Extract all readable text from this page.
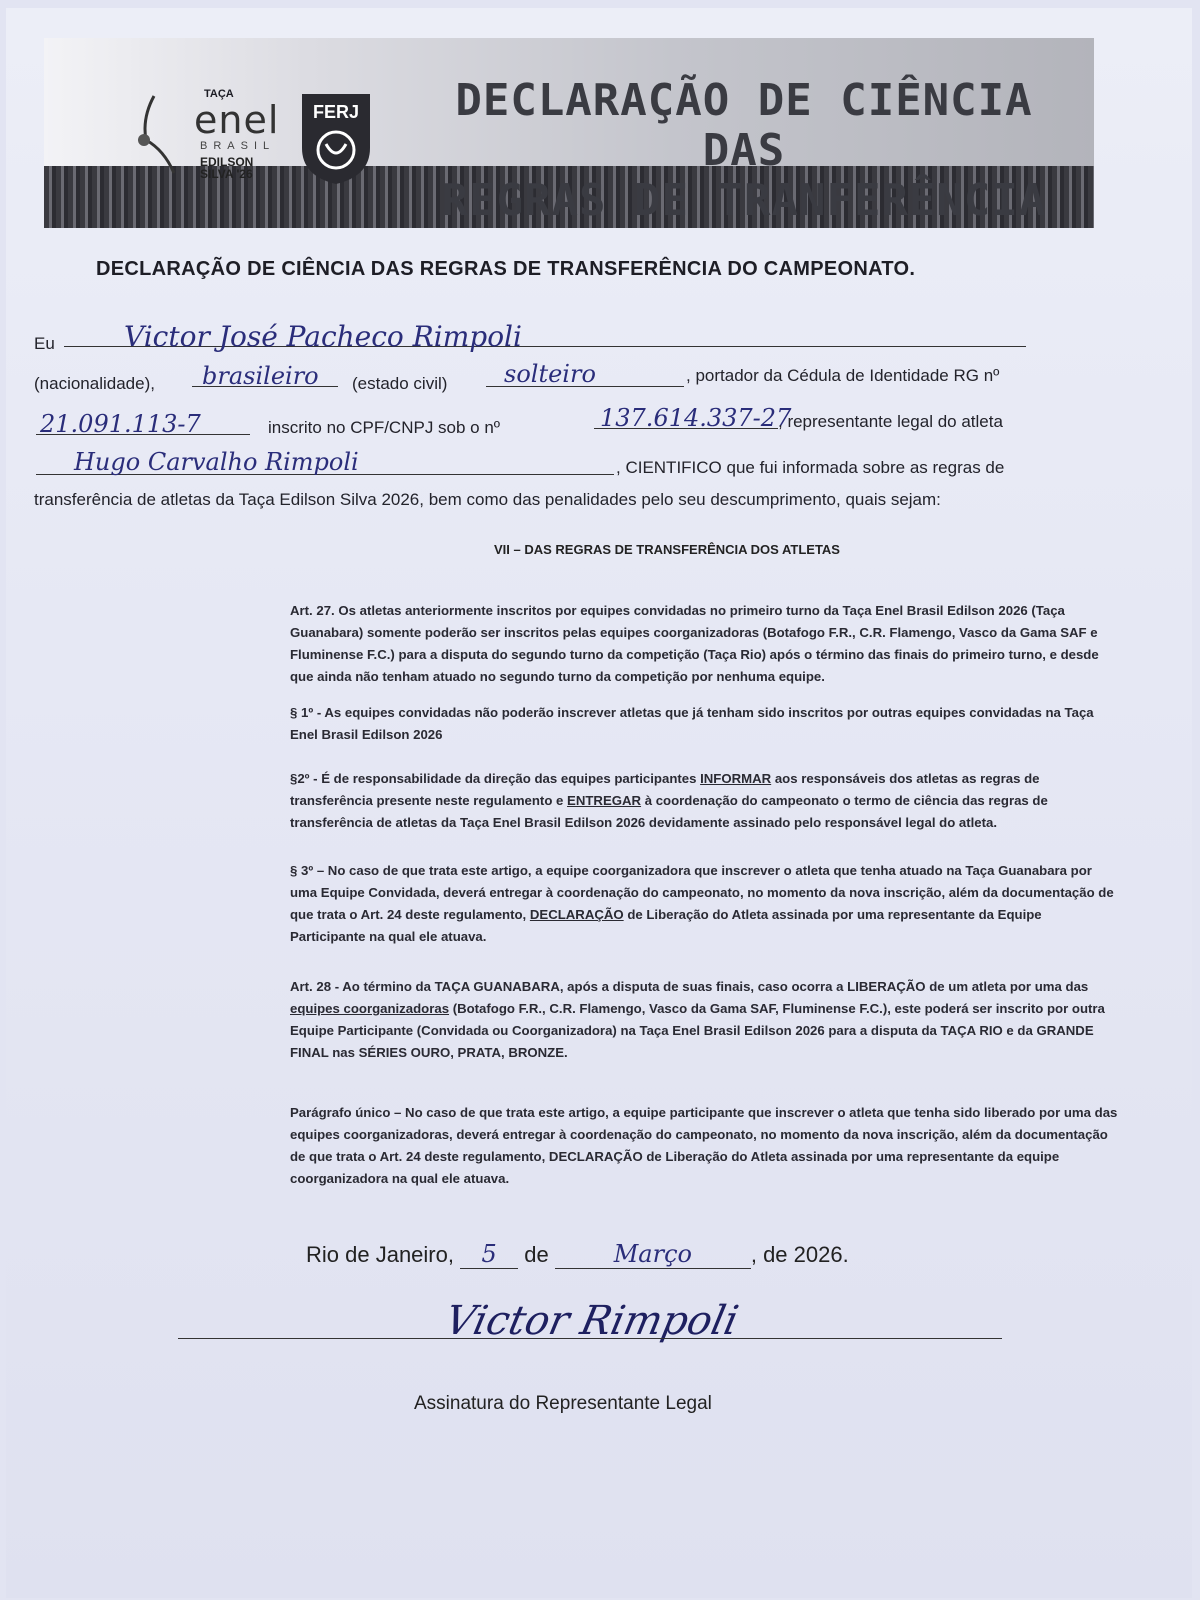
TAÇA
enel
BRASIL
EDILSON SILVA '26
FERJ	DECLARAÇÃO DE CIÊNCIA DAS
REGRAS DE TRANFERÊNCIA
DECLARAÇÃO DE CIÊNCIA DAS REGRAS DE TRANSFERÊNCIA DO CAMPEONATO.
Eu Victor José Pacheco Rimpoli
(nacionalidade), brasileiro (estado civil) solteiro	, portador da Cédula de Identidade RG nº
21.091.113-7	inscrito no CPF/CNPJ sob o nº	137.614.337-27
, representante legal do atleta
Hugo Carvalho Rimpoli	, CIENTIFICO que fui informada sobre as regras de
transferência de atletas da Taça Edilson Silva 2026, bem como das penalidades pelo seu descumprimento, quais sejam:
VII – DAS REGRAS DE TRANSFERÊNCIA DOS ATLETAS
Art. 27. Os atletas anteriormente inscritos por equipes convidadas no primeiro turno da Taça Enel Brasil Edilson 2026 (Taça Guanabara) somente poderão ser inscritos pelas equipes coorganizadoras (Botafogo F.R., C.R. Flamengo, Vasco da Gama SAF e Fluminense F.C.) para a disputa do segundo turno da competição (Taça Rio) após o término das finais do primeiro turno, e desde que ainda não tenham atuado no segundo turno da competição por nenhuma equipe.
§ 1º - As equipes convidadas não poderão inscrever atletas que já tenham sido inscritos por outras equipes convidadas na Taça Enel Brasil Edilson 2026
§2º - É de responsabilidade da direção das equipes participantes INFORMAR aos responsáveis dos atletas as regras de transferência presente neste regulamento e ENTREGAR à coordenação do campeonato o termo de ciência das regras de transferência de atletas da Taça Enel Brasil Edilson 2026 devidamente assinado pelo responsável legal do atleta.
§ 3º – No caso de que trata este artigo, a equipe coorganizadora que inscrever o atleta que tenha atuado na Taça Guanabara por uma Equipe Convidada, deverá entregar à coordenação do campeonato, no momento da nova inscrição, além da documentação de que trata o Art. 24 deste regulamento, DECLARAÇÃO de Liberação do Atleta assinada por uma representante da Equipe Participante na qual ele atuava.
Art. 28 - Ao término da TAÇA GUANABARA, após a disputa de suas finais, caso ocorra a LIBERAÇÃO de um atleta por uma das equipes coorganizadoras (Botafogo F.R., C.R. Flamengo, Vasco da Gama SAF, Fluminense F.C.), este poderá ser inscrito por outra Equipe Participante (Convidada ou Coorganizadora) na Taça Enel Brasil Edilson 2026 para a disputa da TAÇA RIO e da GRANDE FINAL nas SÉRIES OURO, PRATA, BRONZE.
Parágrafo único – No caso de que trata este artigo, a equipe participante que inscrever o atleta que tenha sido liberado por uma das equipes coorganizadoras, deverá entregar à coordenação do campeonato, no momento da nova inscrição, além da documentação de que trata o Art. 24 deste regulamento, DECLARAÇÃO de Liberação do Atleta assinada por uma representante da equipe coorganizadora na qual ele atuava.
Rio de Janeiro, 5 de	Março	, de 2026.
Victor Rimpoli
Assinatura do Representante Legal
